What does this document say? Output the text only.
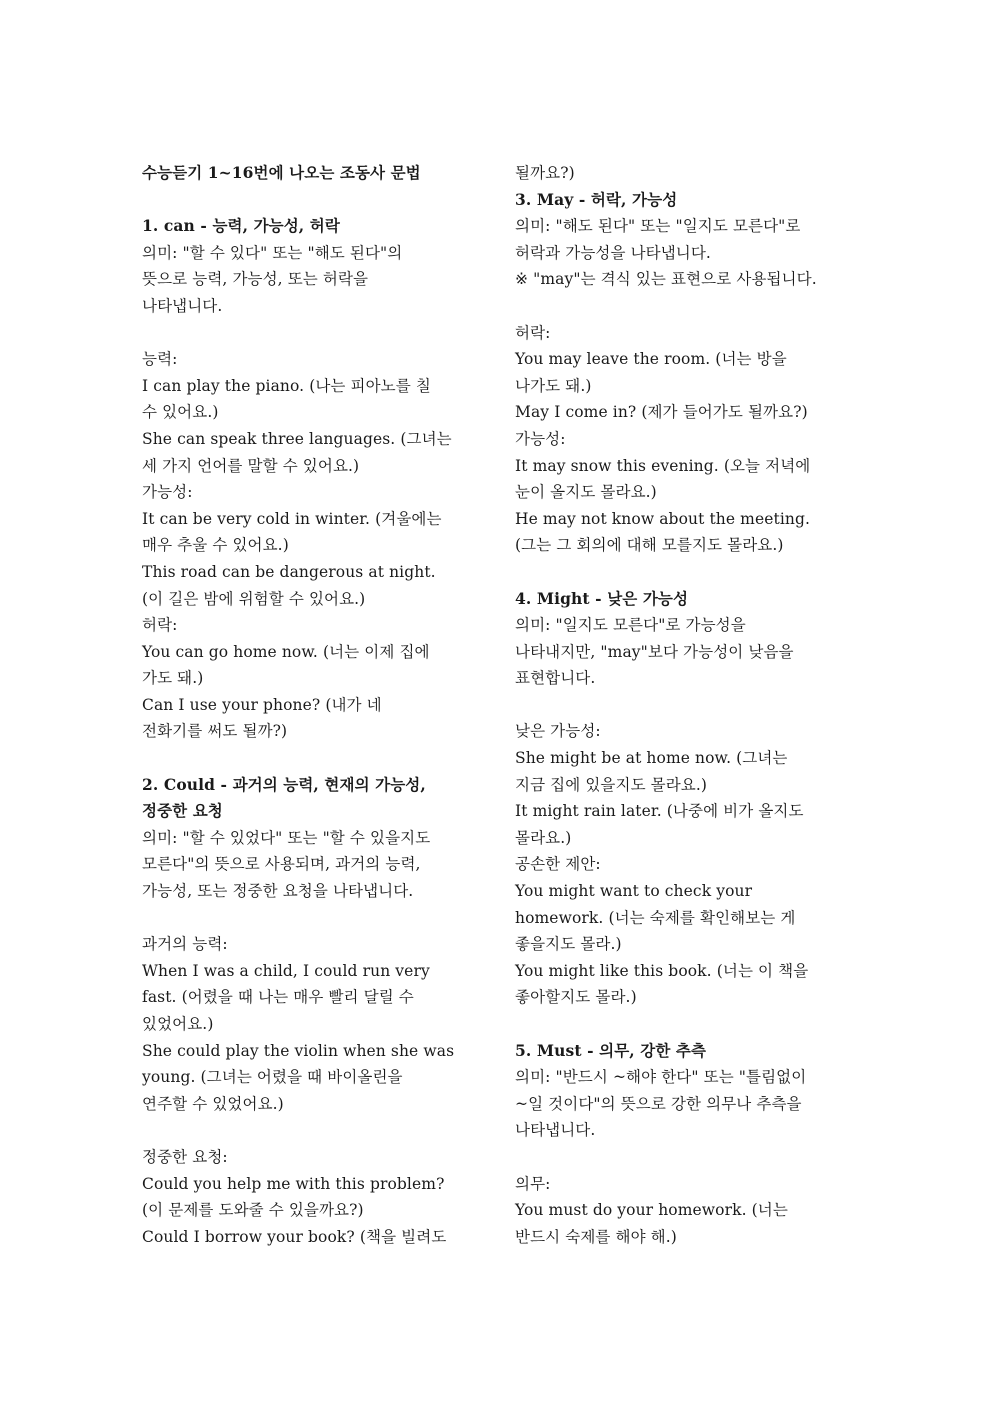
수능듣기 1~16번에 나오는 조동사 문법
1. can - 능력, 가능성, 허락
의미: "할 수 있다" 또는 "해도 된다"의
뜻으로 능력, 가능성, 또는 허락을
나타냅니다.
능력:
I can play the piano. (나는 피아노를 칠
수 있어요.)
She can speak three languages. (그녀는
세 가지 언어를 말할 수 있어요.)
가능성:
It can be very cold in winter. (겨울에는
매우 추울 수 있어요.)
This road can be dangerous at night.
(이 길은 밤에 위험할 수 있어요.)
허락:
You can go home now. (너는 이제 집에
가도 돼.)
Can I use your phone? (내가 네
전화기를 써도 될까?)
2. Could - 과거의 능력, 현재의 가능성,
정중한 요청
의미: "할 수 있었다" 또는 "할 수 있을지도
모른다"의 뜻으로 사용되며, 과거의 능력,
가능성, 또는 정중한 요청을 나타냅니다.
과거의 능력:
When I was a child, I could run very
fast. (어렸을 때 나는 매우 빨리 달릴 수
있었어요.)
She could play the violin when she was
young. (그녀는 어렸을 때 바이올린을
연주할 수 있었어요.)
정중한 요청:
Could you help me with this problem?
(이 문제를 도와줄 수 있을까요?)
Could I borrow your book? (책을 빌려도
될까요?)
3. May - 허락, 가능성
의미: "해도 된다" 또는 "일지도 모른다"로
허락과 가능성을 나타냅니다.
※ "may"는 격식 있는 표현으로 사용됩니다.
허락:
You may leave the room. (너는 방을
나가도 돼.)
May I come in? (제가 들어가도 될까요?)
가능성:
It may snow this evening. (오늘 저녁에
눈이 올지도 몰라요.)
He may not know about the meeting.
(그는 그 회의에 대해 모를지도 몰라요.)
4. Might - 낮은 가능성
의미: "일지도 모른다"로 가능성을
나타내지만, "may"보다 가능성이 낮음을
표현합니다.
낮은 가능성:
She might be at home now. (그녀는
지금 집에 있을지도 몰라요.)
It might rain later. (나중에 비가 올지도
몰라요.)
공손한 제안:
You might want to check your
homework. (너는 숙제를 확인해보는 게
좋을지도 몰라.)
You might like this book. (너는 이 책을
좋아할지도 몰라.)
5. Must - 의무, 강한 추측
의미: "반드시 ~해야 한다" 또는 "틀림없이
~일 것이다"의 뜻으로 강한 의무나 추측을
나타냅니다.
의무:
You must do your homework. (너는
반드시 숙제를 해야 해.)
